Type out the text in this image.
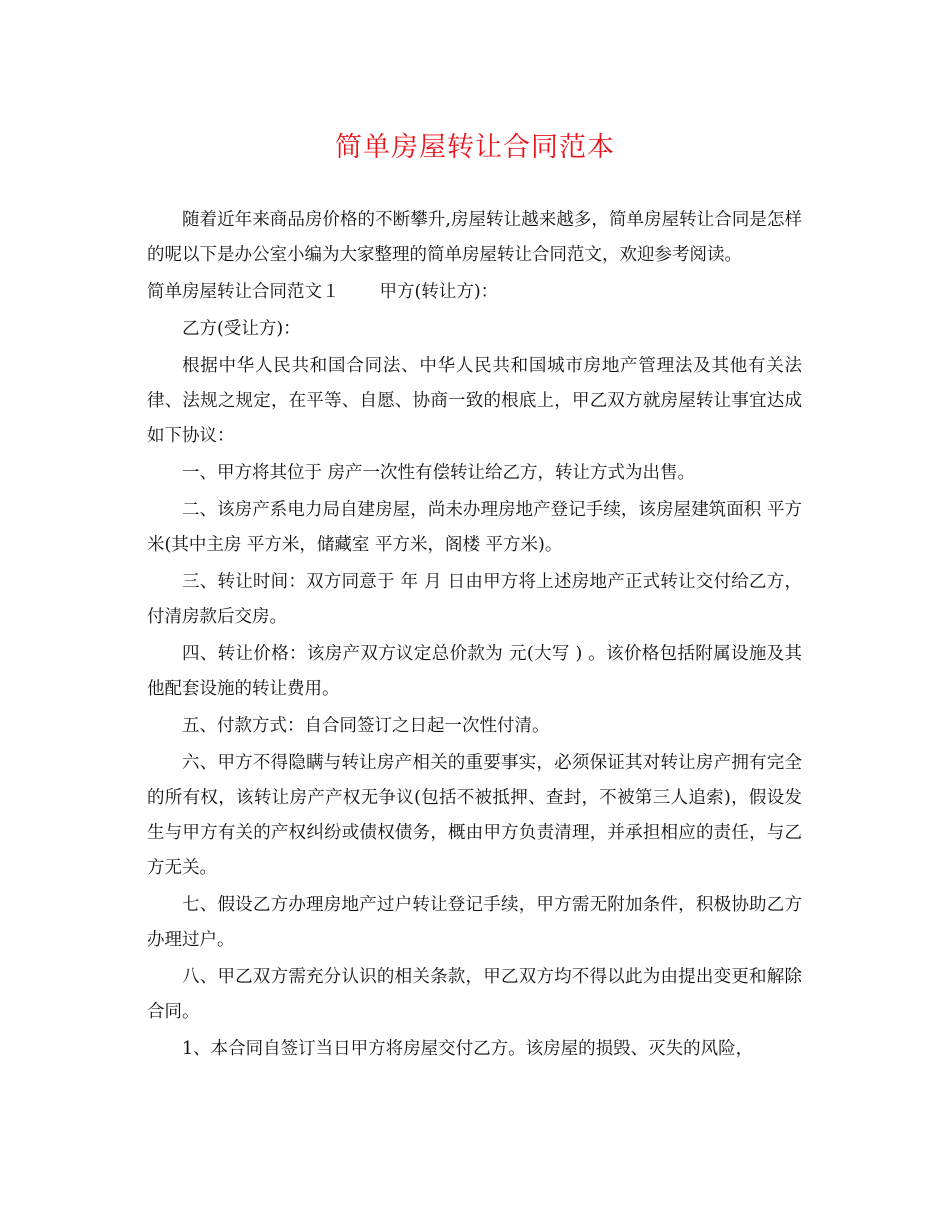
简单房屋转让合同范本

随着近年来商品房价格的不断攀升,房屋转让越来越多，简单房屋转让合同是怎样的呢以下是办公室小编为大家整理的简单房屋转让合同范文，欢迎参考阅读。

简单房屋转让合同范文１ 甲方(转让方)：

乙方(受让方)：

根据中华人民共和国合同法、中华人民共和国城市房地产管理法及其他有关法律、法规之规定，在平等、自愿、协商一致的根底上，甲乙双方就房屋转让事宜达成如下协议：

一、甲方将其位于 房产一次性有偿转让给乙方，转让方式为出售。

二、该房产系电力局自建房屋，尚未办理房地产登记手续，该房屋建筑面积 平方米(其中主房 平方米，储藏室 平方米，阁楼 平方米)。

三、转让时间：双方同意于 年 月 日由甲方将上述房地产正式转让交付给乙方，付清房款后交房。

四、转让价格：该房产双方议定总价款为 元(大写 ) 。该价格包括附属设施及其他配套设施的转让费用。

五、付款方式：自合同签订之日起一次性付清。

六、甲方不得隐瞒与转让房产相关的重要事实，必须保证其对转让房产拥有完全的所有权，该转让房产产权无争议(包括不被抵押、查封，不被第三人追索)，假设发生与甲方有关的产权纠纷或债权债务，概由甲方负责清理，并承担相应的责任，与乙方无关。

七、假设乙方办理房地产过户转让登记手续，甲方需无附加条件，积极协助乙方办理过户。

八、甲乙双方需充分认识的相关条款，甲乙双方均不得以此为由提出变更和解除合同。

1、本合同自签订当日甲方将房屋交付乙方。该房屋的损毁、灭失的风险，
